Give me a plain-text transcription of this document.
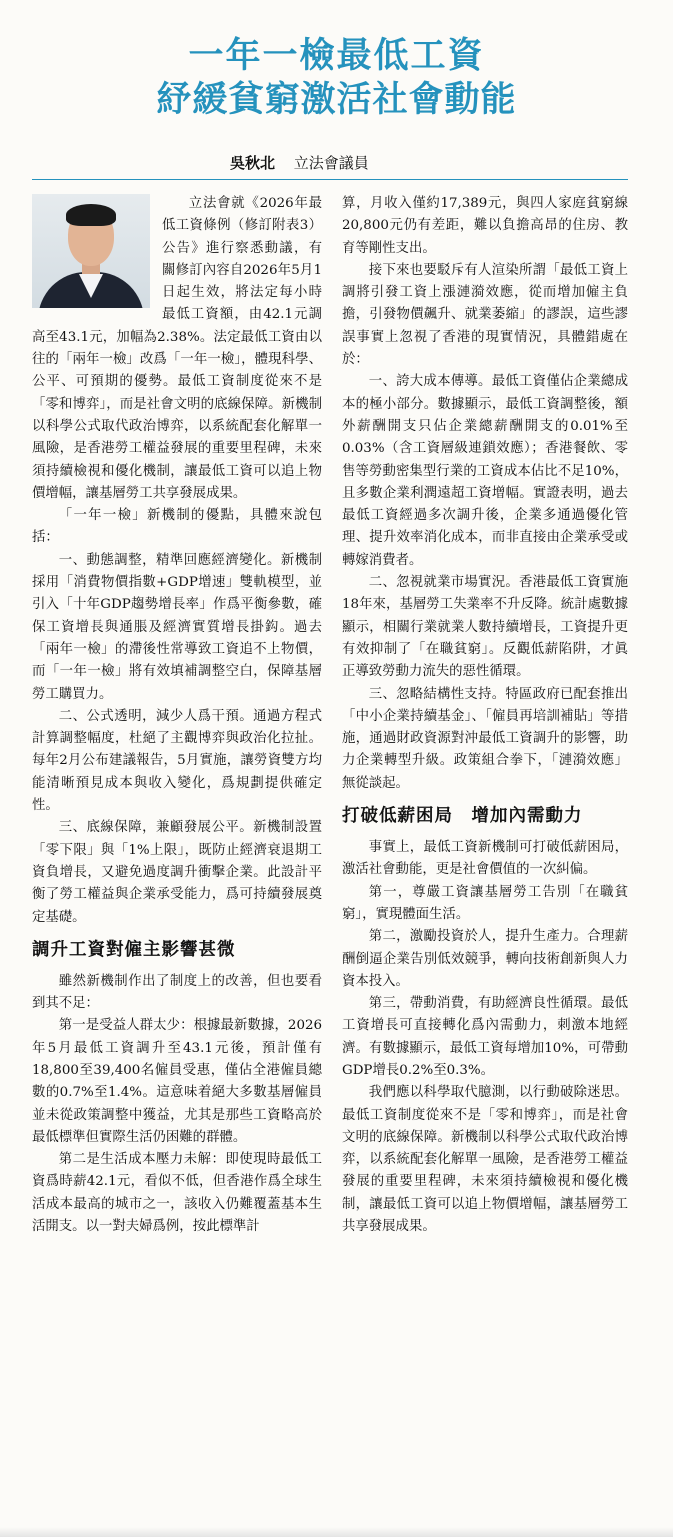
一年一檢最低工資
紓緩貧窮激活社會動能
吳秋北 立法會議員

立法會就《2026年最低工資條例（修訂附表3）公告》進行察悉動議，有關修訂內容自2026年5月1日起生效，將法定每小時最低工資額，由42.1元調高至43.1元，加幅為2.38%。法定最低工資由以往的「兩年一檢」改爲「一年一檢」，體現科學、公平、可預期的優勢。最低工資制度從來不是「零和博弈」，而是社會文明的底線保障。新機制以科學公式取代政治博弈，以系統配套化解單一風險，是香港勞工權益發展的重要里程碑，未來須持續檢視和優化機制，讓最低工資可以追上物價增幅，讓基層勞工共享發展成果。

「一年一檢」新機制的優點，具體來說包括：

一、動態調整，精準回應經濟變化。新機制採用「消費物價指數+GDP增速」雙軌模型，並引入「十年GDP趨勢增長率」作爲平衡參數，確保工資增長與通脹及經濟實質增長掛鈎。過去「兩年一檢」的滯後性常導致工資追不上物價，而「一年一檢」將有效填補調整空白，保障基層勞工購買力。

二、公式透明，減少人爲干預。通過方程式計算調整幅度，杜絕了主觀博弈與政治化拉扯。每年2月公布建議報告，5月實施，讓勞資雙方均能清晰預見成本與收入變化，爲規劃提供確定性。

三、底線保障，兼顧發展公平。新機制設置「零下限」與「1%上限」，既防止經濟衰退期工資負增長，又避免過度調升衝擊企業。此設計平衡了勞工權益與企業承受能力，爲可持續發展奠定基礎。

調升工資對僱主影響甚微

雖然新機制作出了制度上的改善，但也要看到其不足：

第一是受益人群太少：根據最新數據，2026年5月最低工資調升至43.1元後，預計僅有18,800至39,400名僱員受惠，僅佔全港僱員總數的0.7%至1.4%。這意味着絕大多數基層僱員並未從政策調整中獲益，尤其是那些工資略高於最低標準但實際生活仍困難的群體。

第二是生活成本壓力未解：即使現時最低工資爲時薪42.1元，看似不低，但香港作爲全球生活成本最高的城市之一，該收入仍難覆蓋基本生活開支。以一對夫婦爲例，按此標準計

算，月收入僅約17,389元，與四人家庭貧窮線20,800元仍有差距，難以負擔高昂的住房、教育等剛性支出。

接下來也要駁斥有人渲染所謂「最低工資上調將引發工資上漲漣漪效應，從而增加僱主負擔，引發物價飆升、就業萎縮」的謬誤，這些謬誤事實上忽視了香港的現實情況，具體錯處在於：

一、誇大成本傳導。最低工資僅佔企業總成本的極小部分。數據顯示，最低工資調整後，額外薪酬開支只佔企業總薪酬開支的0.01%至0.03%（含工資層級連鎖效應）；香港餐飲、零售等勞動密集型行業的工資成本佔比不足10%，且多數企業利潤遠超工資增幅。實證表明，過去最低工資經過多次調升後，企業多通過優化管理、提升效率消化成本，而非直接由企業承受或轉嫁消費者。

二、忽視就業市場實況。香港最低工資實施18年來，基層勞工失業率不升反降。統計處數據顯示，相關行業就業人數持續增長，工資提升更有效抑制了「在職貧窮」。反觀低薪陷阱，才眞正導致勞動力流失的惡性循環。

三、忽略結構性支持。特區政府已配套推出「中小企業持續基金」、「僱員再培訓補貼」等措施，通過財政資源對沖最低工資調升的影響，助力企業轉型升級。政策組合拳下，「漣漪效應」無從談起。

打破低薪困局　增加內需動力

事實上，最低工資新機制可打破低薪困局，激活社會動能，更是社會價值的一次糾偏。

第一，尊嚴工資讓基層勞工告別「在職貧窮」，實現體面生活。

第二，激勵投資於人，提升生產力。合理薪酬倒逼企業告別低效競爭，轉向技術創新與人力資本投入。

第三，帶動消費，有助經濟良性循環。最低工資增長可直接轉化爲內需動力，刺激本地經濟。有數據顯示，最低工資每增加10%，可帶動GDP增長0.2%至0.3%。

我們應以科學取代臆測，以行動破除迷思。最低工資制度從來不是「零和博弈」，而是社會文明的底線保障。新機制以科學公式取代政治博弈，以系統配套化解單一風險，是香港勞工權益發展的重要里程碑，未來須持續檢視和優化機制，讓最低工資可以追上物價增幅，讓基層勞工共享發展成果。
